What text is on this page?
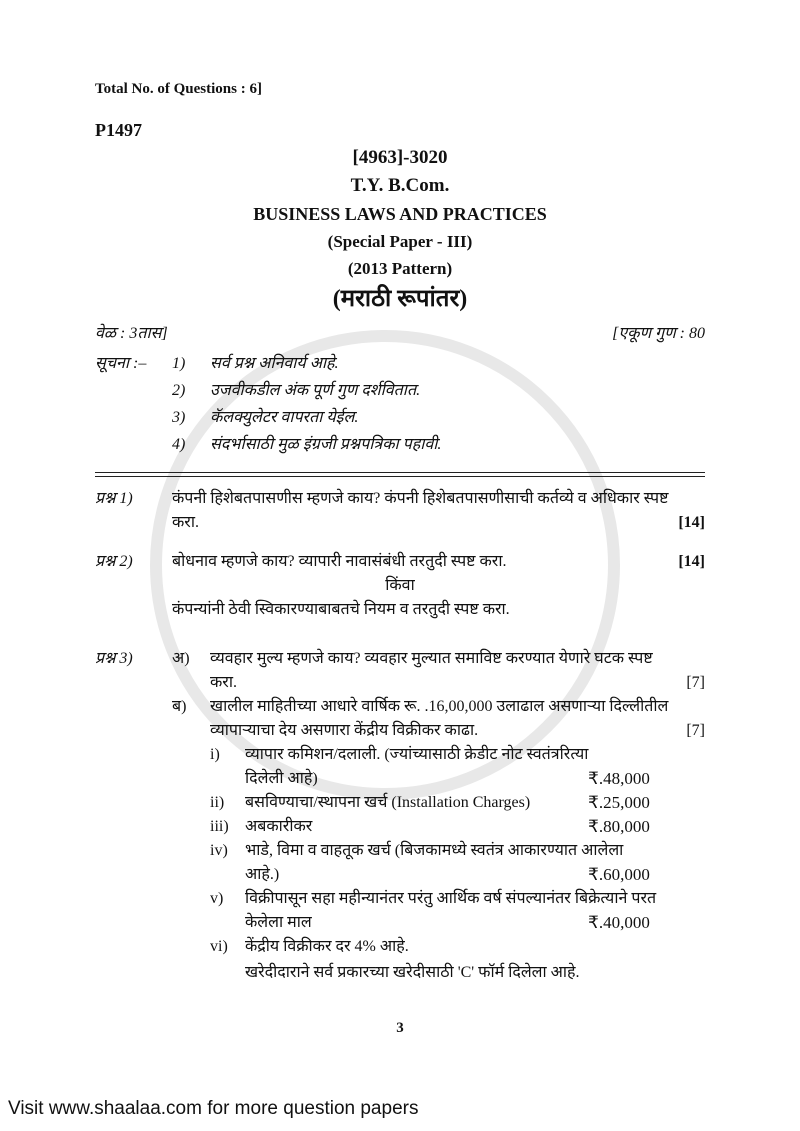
Total No. of Questions : 6]
P1497
[4963]-3020
T.Y. B.Com.
BUSINESS LAWS AND PRACTICES
(Special Paper - III)
(2013 Pattern)
(मराठी रूपांतर)
वेळ : 3तास]	[एकूण गुण : 80
सूचना :–	1)	सर्व प्रश्न अनिवार्य आहे.
2)	उजवीकडील अंक पूर्ण गुण दर्शवितात.
3)	कॅलक्युलेटर वापरता येईल.
4)	संदर्भासाठी मुळ इंग्रजी प्रश्नपत्रिका पहावी.
प्रश्न 1)	कंपनी हिशेबतपासणीस म्हणजे काय? कंपनी हिशेबतपासणीसाची कर्तव्ये व अधिकार स्पष्ट
करा.	[14]
प्रश्न 2)	बोधनाव म्हणजे काय? व्यापारी नावासंबंधी तरतुदी स्पष्ट करा.	[14]
किंवा
कंपन्यांनी ठेवी स्विकारण्याबाबतचे नियम व तरतुदी स्पष्ट करा.
प्रश्न 3)	अ)	व्यवहार मुल्य म्हणजे काय? व्यवहार मुल्यात समाविष्ट करण्यात येणारे घटक स्पष्ट
करा.	[7]
ब)	खालील माहितीच्या आधारे वार्षिक रू. .16,00,000 उलाढाल असणाऱ्या दिल्लीतील
व्यापाऱ्याचा देय असणारा केंद्रीय विक्रीकर काढा.	[7]
i)	व्यापार कमिशन/दलाली. (ज्यांच्यासाठी क्रेडीट नोट स्वतंत्ररित्या
दिलेली आहे)	₹.48,000
ii)	बसविण्याचा/स्थापना खर्च (Installation Charges)	₹.25,000
iii)	अबकारीकर	₹.80,000
iv)	भाडे, विमा व वाहतूक खर्च (बिजकामध्ये स्वतंत्र आकारण्यात आलेला
आहे.)	₹.60,000
v)	विक्रीपासून सहा महीन्यानंतर परंतु आर्थिक वर्ष संपल्यानंतर बिक्रेत्याने परत
केलेला माल	₹.40,000
vi)	केंद्रीय विक्रीकर दर 4% आहे.
खरेदीदाराने सर्व प्रकारच्या खरेदीसाठी 'C' फॉर्म दिलेला आहे.
3
Visit www.shaalaa.com for more question papers
